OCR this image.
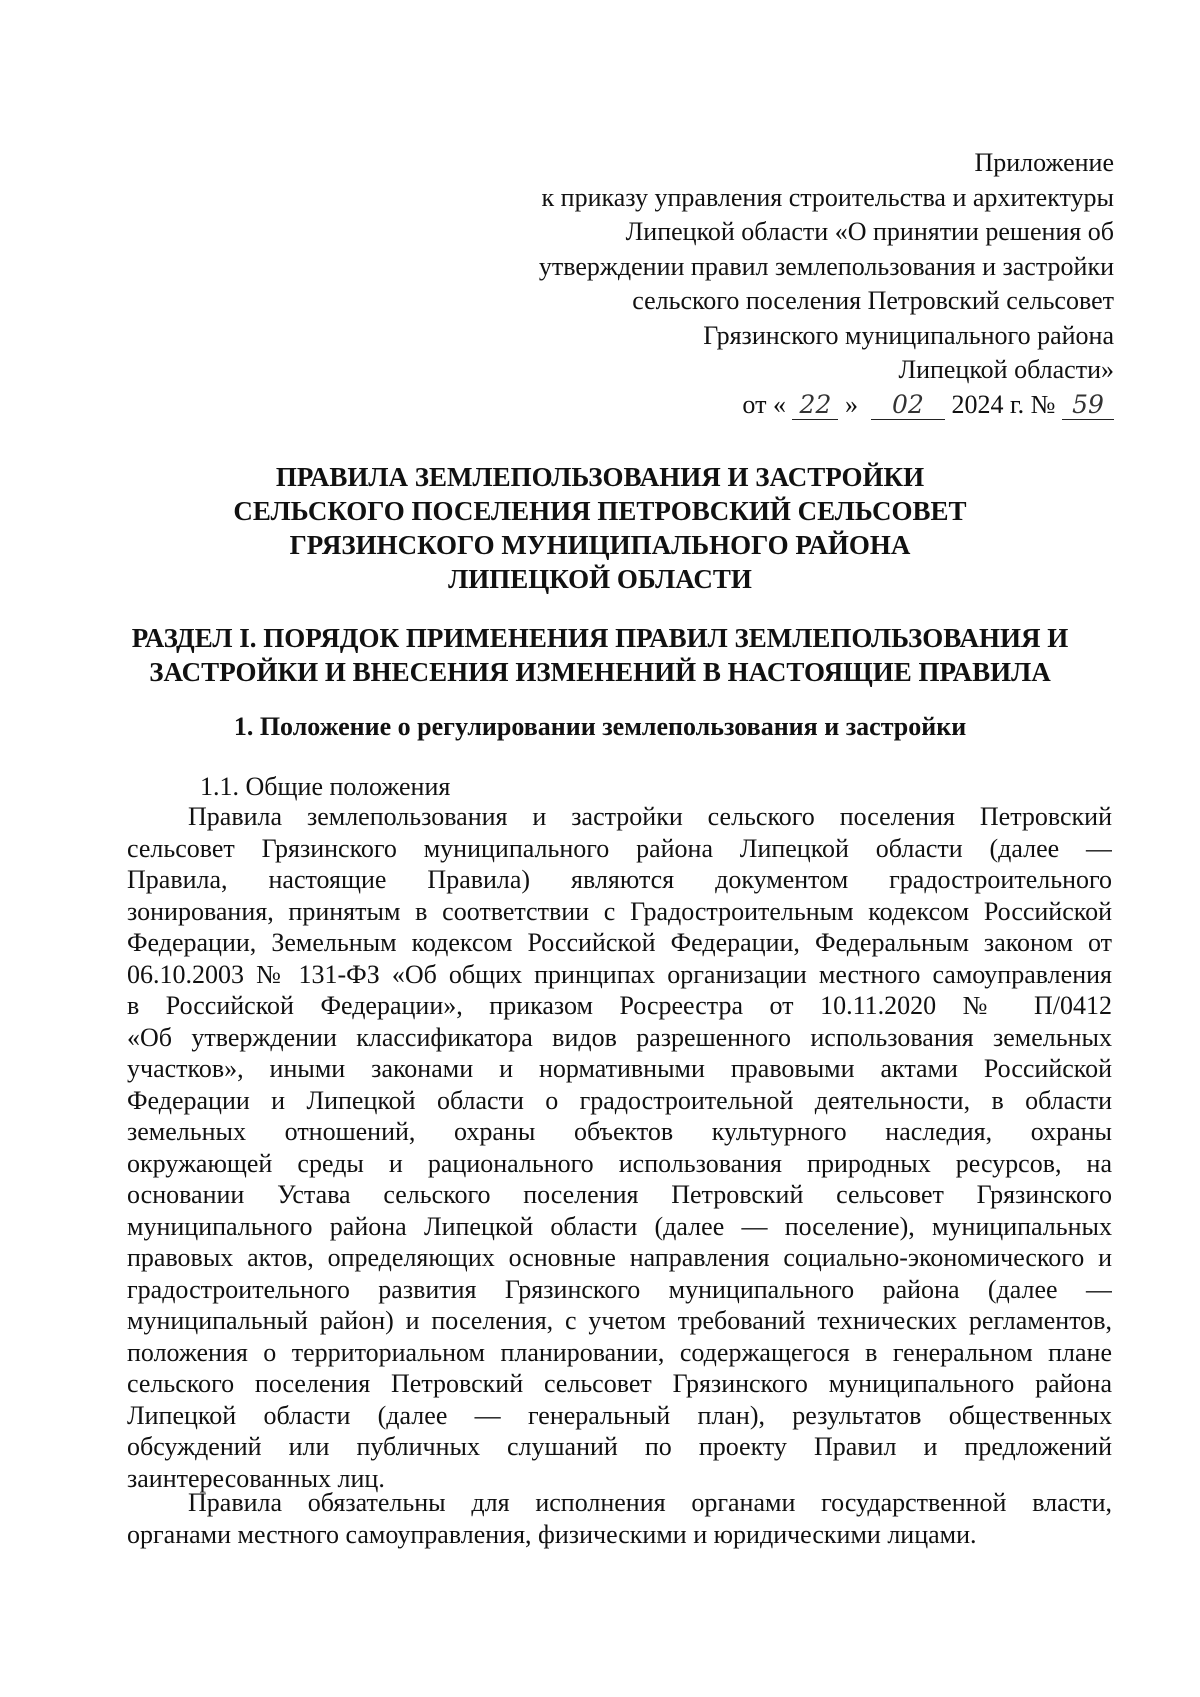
Приложение
к приказу управления строительства и архитектуры
Липецкой области «О принятии решения об
утверждении правил землепользования и застройки
сельского поселения Петровский сельсовет
Грязинского муниципального района
Липецкой области»
от « 22 » 02 2024 г. № 59
ПРАВИЛА ЗЕМЛЕПОЛЬЗОВАНИЯ И ЗАСТРОЙКИ
СЕЛЬСКОГО ПОСЕЛЕНИЯ ПЕТРОВСКИЙ СЕЛЬСОВЕТ
ГРЯЗИНСКОГО МУНИЦИПАЛЬНОГО РАЙОНА
ЛИПЕЦКОЙ ОБЛАСТИ
РАЗДЕЛ I. ПОРЯДОК ПРИМЕНЕНИЯ ПРАВИЛ ЗЕМЛЕПОЛЬЗОВАНИЯ И
ЗАСТРОЙКИ И ВНЕСЕНИЯ ИЗМЕНЕНИЙ В НАСТОЯЩИЕ ПРАВИЛА
1. Положение о регулировании землепользования и застройки
1.1. Общие положения
Правила землепользования и застройки сельского поселения Петровский
сельсовет Грязинского муниципального района Липецкой области (далее —
Правила, настоящие Правила) являются документом градостроительного
зонирования, принятым в соответствии с Градостроительным кодексом Российской
Федерации, Земельным кодексом Российской Федерации, Федеральным законом от
06.10.2003 № 131-ФЗ «Об общих принципах организации местного самоуправления
в Российской Федерации», приказом Росреестра от 10.11.2020 № П/0412
«Об утверждении классификатора видов разрешенного использования земельных
участков», иными законами и нормативными правовыми актами Российской
Федерации и Липецкой области о градостроительной деятельности, в области
земельных отношений, охраны объектов культурного наследия, охраны
окружающей среды и рационального использования природных ресурсов, на
основании Устава сельского поселения Петровский сельсовет Грязинского
муниципального района Липецкой области (далее — поселение), муниципальных
правовых актов, определяющих основные направления социально-экономического и
градостроительного развития Грязинского муниципального района (далее —
муниципальный район) и поселения, с учетом требований технических регламентов,
положения о территориальном планировании, содержащегося в генеральном плане
сельского поселения Петровский сельсовет Грязинского муниципального района
Липецкой области (далее — генеральный план), результатов общественных
обсуждений или публичных слушаний по проекту Правил и предложений
заинтересованных лиц.
Правила обязательны для исполнения органами государственной власти,
органами местного самоуправления, физическими и юридическими лицами.
